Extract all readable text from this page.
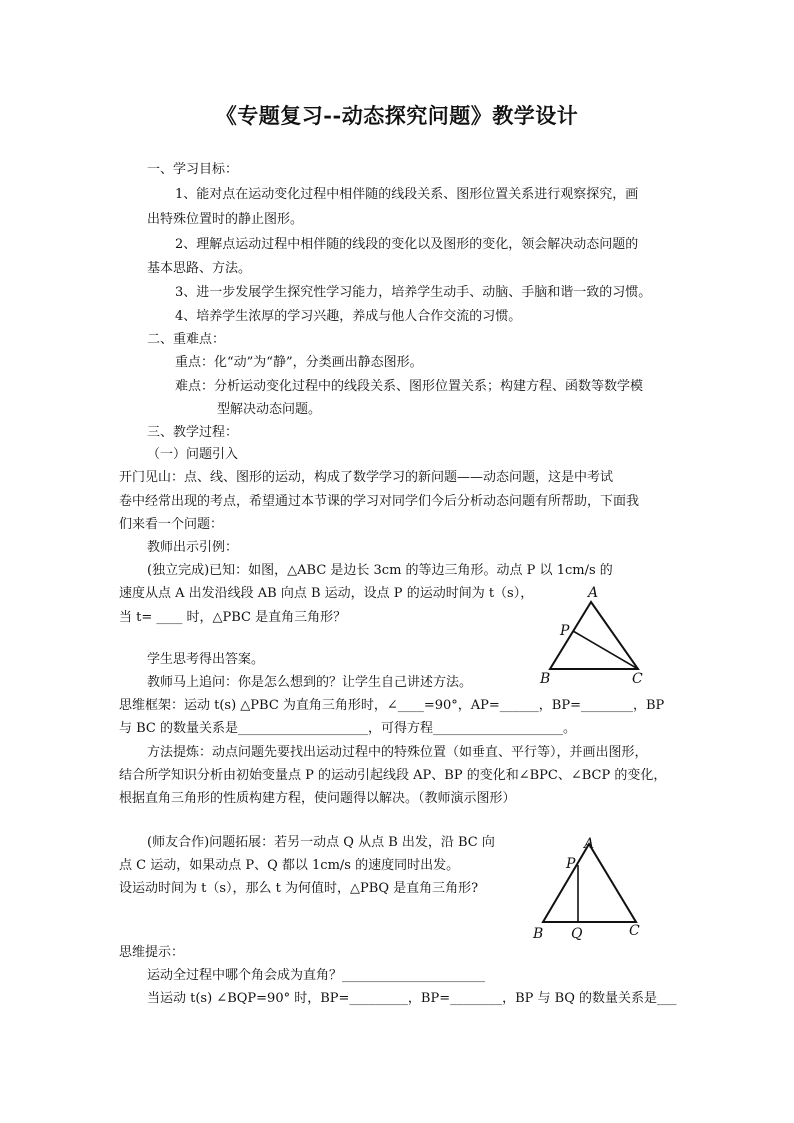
《专题复习--动态探究问题》教学设计
一、学习目标：
1、能对点在运动变化过程中相伴随的线段关系、图形位置关系进行观察探究，画
出特殊位置时的静止图形。
2、理解点运动过程中相伴随的线段的变化以及图形的变化，领会解决动态问题的
基本思路、方法。
3、进一步发展学生探究性学习能力，培养学生动手、动脑、手脑和谐一致的习惯。
4、培养学生浓厚的学习兴趣，养成与他人合作交流的习惯。
二、重难点：
重点：化“动”为“静”，分类画出静态图形。
难点：分析运动变化过程中的线段关系、图形位置关系；构建方程、函数等数学模
型解决动态问题。
三、教学过程：
（一）问题引入
开门见山：点、线、图形的运动，构成了数学学习的新问题——动态问题，这是中考试
卷中经常出现的考点，希望通过本节课的学习对同学们今后分析动态问题有所帮助，下面我
们来看一个问题：
教师出示引例：
(独立完成)已知：如图，△ABC 是边长 3cm 的等边三角形。动点 P 以 1cm/s 的
速度从点 A 出发沿线段 AB 向点 B 运动，设点 P 的运动时间为 t（s），
当 t= ____ 时，△PBC 是直角三角形？
A
P
B	C
学生思考得出答案。
教师马上追问：你是怎么想到的？让学生自己讲述方法。
思维框架：运动 t(s) △PBC 为直角三角形时，∠____=90°，AP=______，BP=________，BP
与 BC 的数量关系是____________________，可得方程____________________。
方法提炼：动点问题先要找出运动过程中的特殊位置（如垂直、平行等），并画出图形，
结合所学知识分析由初始变量点 P 的运动引起线段 AP、BP 的变化和∠BPC、∠BCP 的变化，
根据直角三角形的性质构建方程，使问题得以解决。（教师演示图形）
(师友合作)问题拓展：若另一动点 Q 从点 B 出发，沿 BC 向
点 C 运动，如果动点 P、Q 都以 1cm/s 的速度同时出发。
设运动时间为 t（s），那么 t 为何值时，△PBQ 是直角三角形?
A
P
B Q	C
思维提示：
运动全过程中哪个角会成为直角？______________________
当运动 t(s) ∠BQP=90° 时，BP=_________，BP=________，BP 与 BQ 的数量关系是___
